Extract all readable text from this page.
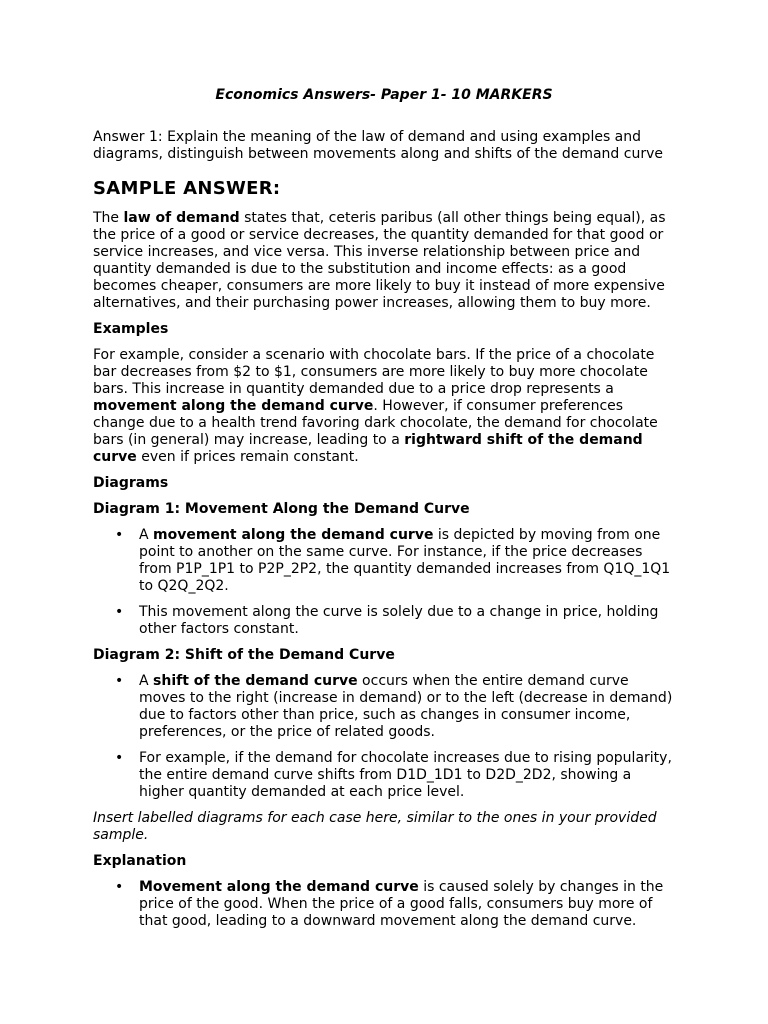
Economics Answers- Paper 1- 10 MARKERS

Answer 1: Explain the meaning of the law of demand and using examples and diagrams, distinguish between movements along and shifts of the demand curve

SAMPLE ANSWER:

The law of demand states that, ceteris paribus (all other things being equal), as the price of a good or service decreases, the quantity demanded for that good or service increases, and vice versa. This inverse relationship between price and quantity demanded is due to the substitution and income effects: as a good becomes cheaper, consumers are more likely to buy it instead of more expensive alternatives, and their purchasing power increases, allowing them to buy more.

Examples

For example, consider a scenario with chocolate bars. If the price of a chocolate bar decreases from $2 to $1, consumers are more likely to buy more chocolate bars. This increase in quantity demanded due to a price drop represents a movement along the demand curve. However, if consumer preferences change due to a health trend favoring dark chocolate, the demand for chocolate bars (in general) may increase, leading to a rightward shift of the demand curve even if prices remain constant.

Diagrams
Diagram 1: Movement Along the Demand Curve
• A movement along the demand curve is depicted by moving from one point to another on the same curve. For instance, if the price decreases from P1P_1P1 to P2P_2P2, the quantity demanded increases from Q1Q_1Q1 to Q2Q_2Q2.
• This movement along the curve is solely due to a change in price, holding other factors constant.
Diagram 2: Shift of the Demand Curve
• A shift of the demand curve occurs when the entire demand curve moves to the right (increase in demand) or to the left (decrease in demand) due to factors other than price, such as changes in consumer income, preferences, or the price of related goods.
• For example, if the demand for chocolate increases due to rising popularity, the entire demand curve shifts from D1D_1D1 to D2D_2D2, showing a higher quantity demanded at each price level.

Insert labelled diagrams for each case here, similar to the ones in your provided sample.

Explanation
• Movement along the demand curve is caused solely by changes in the price of the good. When the price of a good falls, consumers buy more of that good, leading to a downward movement along the demand curve.
